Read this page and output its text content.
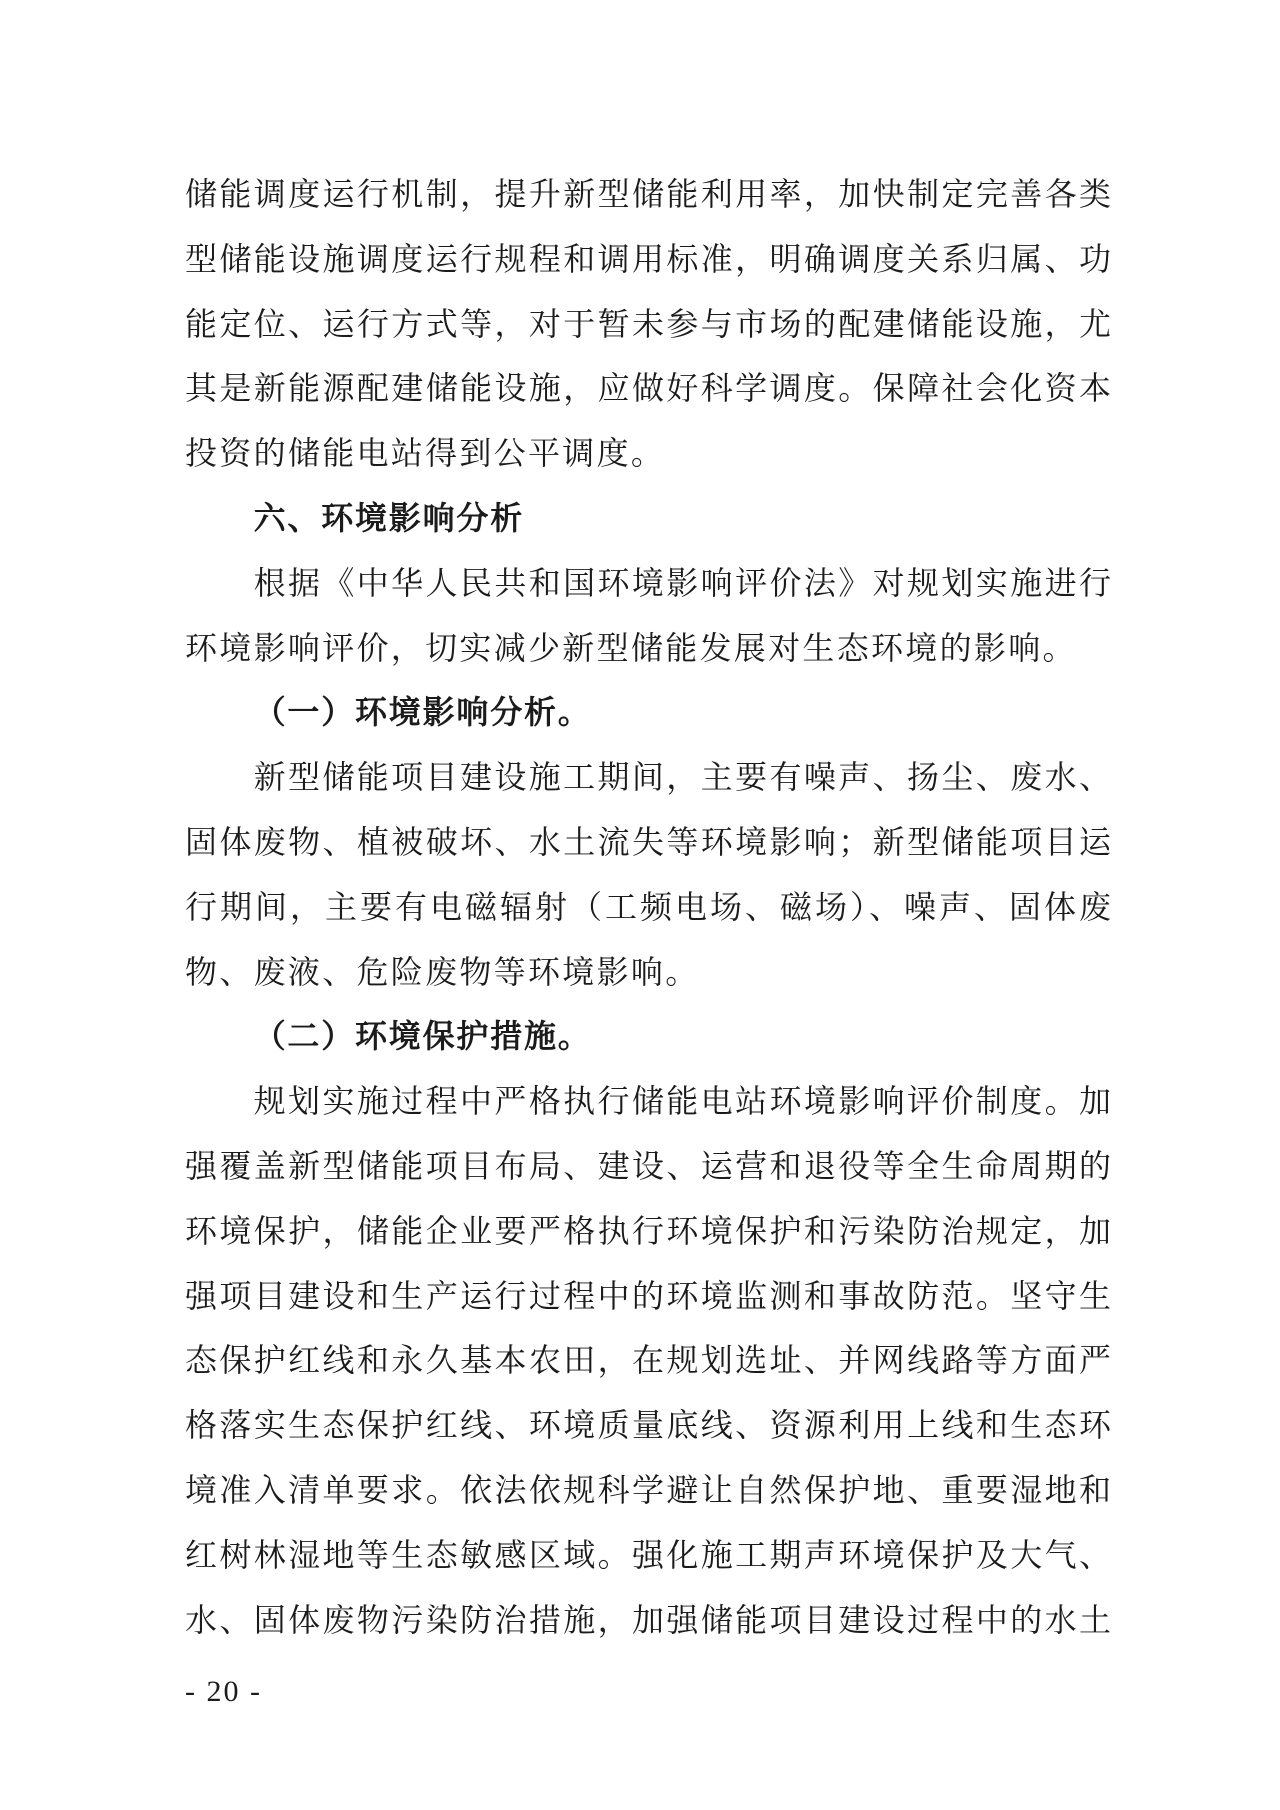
储能调度运行机制，提升新型储能利用率，加快制定完善各类
型储能设施调度运行规程和调用标准，明确调度关系归属、功
能定位、运行方式等，对于暂未参与市场的配建储能设施，尤
其是新能源配建储能设施，应做好科学调度。保障社会化资本
投资的储能电站得到公平调度。
六、环境影响分析
根据《中华人民共和国环境影响评价法》对规划实施进行
环境影响评价，切实减少新型储能发展对生态环境的影响。
（一）环境影响分析。
新型储能项目建设施工期间，主要有噪声、扬尘、废水、
固体废物、植被破坏、水土流失等环境影响；新型储能项目运
行期间，主要有电磁辐射（工频电场、磁场）、噪声、固体废
物、废液、危险废物等环境影响。
（二）环境保护措施。
规划实施过程中严格执行储能电站环境影响评价制度。加
强覆盖新型储能项目布局、建设、运营和退役等全生命周期的
环境保护，储能企业要严格执行环境保护和污染防治规定，加
强项目建设和生产运行过程中的环境监测和事故防范。坚守生
态保护红线和永久基本农田，在规划选址、并网线路等方面严
格落实生态保护红线、环境质量底线、资源利用上线和生态环
境准入清单要求。依法依规科学避让自然保护地、重要湿地和
红树林湿地等生态敏感区域。强化施工期声环境保护及大气、
水、固体废物污染防治措施，加强储能项目建设过程中的水土
- 20 -
